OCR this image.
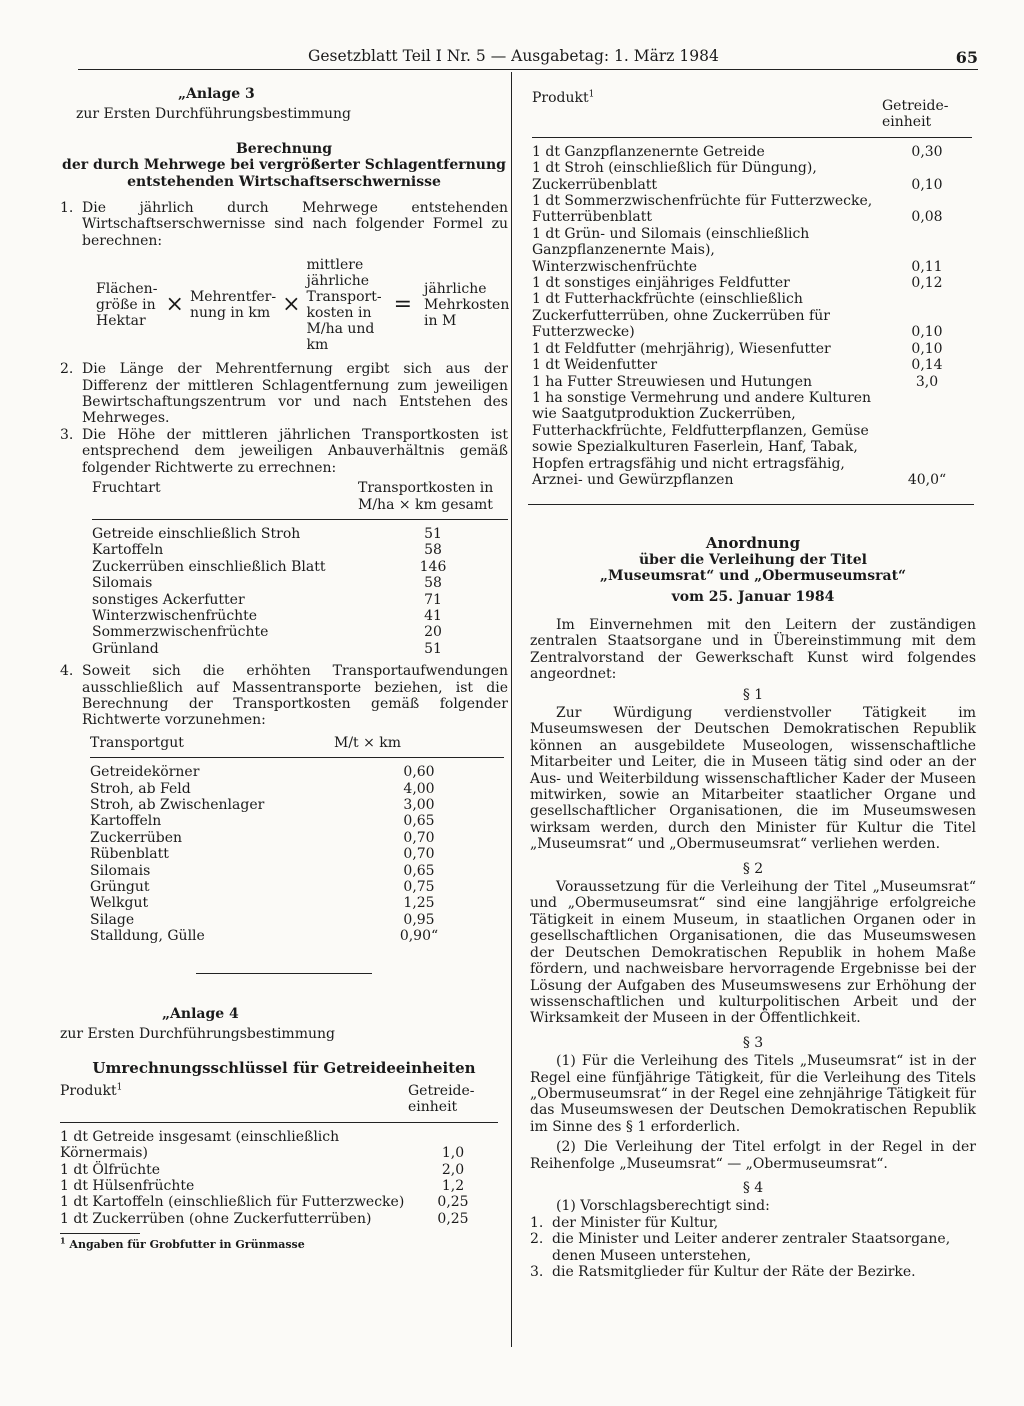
Gesetzblatt Teil I Nr. 5 — Ausgabetag: 1. März 1984	65
„Anlage 3
zur Ersten Durchführungsbestimmung
Berechnung
der durch Mehrwege bei vergrößerter Schlagentfernung
entstehenden Wirtschaftserschwernisse
1. Die jährlich durch Mehrwege entstehenden Wirtschaftserschwernisse sind nach folgender Formel zu berechnen:
Flächen- größe in Hektar
× Mehrentfer- nung in km ×
mittlere jährliche Transport- kosten in M/ha und km
=
jährliche Mehrkosten in M
2. Die Länge der Mehrentfernung ergibt sich aus der Differenz der mittleren Schlagentfernung zum jeweiligen Bewirtschaftungszentrum vor und nach Entstehen des Mehrweges.
3. Die Höhe der mittleren jährlichen Transportkosten ist entsprechend dem jeweiligen Anbauverhältnis gemäß folgender Richtwerte zu errechnen:
Fruchtart	Transportkosten in M/ha × km gesamt
Getreide einschließlich Stroh	51
Kartoffeln	58
Zuckerrüben einschließlich Blatt	146
Silomais	58
sonstiges Ackerfutter	71
Winterzwischenfrüchte	41
Sommerzwischenfrüchte	20
Grünland	51
4. Soweit sich die erhöhten Transportaufwendungen ausschließlich auf Massentransporte beziehen, ist die Berechnung der Transportkosten gemäß folgender Richtwerte vorzunehmen:
Transportgut	M/t × km
Getreidekörner	0,60
Stroh, ab Feld	4,00
Stroh, ab Zwischenlager	3,00
Kartoffeln	0,65
Zuckerrüben	0,70
Rübenblatt	0,70
Silomais	0,65
Grüngut	0,75
Welkgut	1,25
Silage	0,95
Stalldung, Gülle	0,90“
„Anlage 4
zur Ersten Durchführungsbestimmung
Umrechnungsschlüssel für Getreideeinheiten
Produkt$^1$	Getreide- einheit
1 dt Getreide insgesamt (einschließlich Körnermais)	1,0
1 dt Ölfrüchte	2,0
1 dt Hülsenfrüchte	1,2
1 dt Kartoffeln (einschließlich für Futterzwecke)	0,25
1 dt Zuckerrüben (ohne Zuckerfutterrüben)	0,25
$^1$ Angaben für Grobfutter in Grünmasse
Produkt$^1$	Getreide- einheit
1 dt Ganzpflanzenernte Getreide	0,30
1 dt Stroh (einschließlich für Düngung), Zuckerrübenblatt	0,10
1 dt Sommerzwischenfrüchte für Futterzwecke, Futterrübenblatt	0,08
1 dt Grün- und Silomais (einschließlich Ganzpflanzenernte Mais), Winterzwischenfrüchte	0,11
1 dt sonstiges einjähriges Feldfutter	0,12
1 dt Futterhackfrüchte (einschließlich Zuckerfutterrüben, ohne Zuckerrüben für Futterzwecke)	0,10
1 dt Feldfutter (mehrjährig), Wiesenfutter	0,10
1 dt Weidenfutter	0,14
1 ha Futter Streuwiesen und Hutungen	3,0
1 ha sonstige Vermehrung und andere Kulturen wie Saatgutproduktion Zuckerrüben, Futterhackfrüchte, Feldfutterpflanzen, Gemüse sowie Spezialkulturen Faserlein, Hanf, Tabak, Hopfen ertragsfähig und nicht ertragsfähig, Arznei- und Gewürzpflanzen	40,0“
Anordnung
über die Verleihung der Titel
„Museumsrat“ und „Obermuseumsrat“
vom 25. Januar 1984

Im Einvernehmen mit den Leitern der zuständigen zentralen Staatsorgane und in Übereinstimmung mit dem Zentralvorstand der Gewerkschaft Kunst wird folgendes angeordnet:

§ 1

Zur Würdigung verdienstvoller Tätigkeit im Museumswesen der Deutschen Demokratischen Republik können an ausgebildete Museologen, wissenschaftliche Mitarbeiter und Leiter, die in Museen tätig sind oder an der Aus- und Weiterbildung wissenschaftlicher Kader der Museen mitwirken, sowie an Mitarbeiter staatlicher Organe und gesellschaftlicher Organisationen, die im Museumswesen wirksam werden, durch den Minister für Kultur die Titel „Museumsrat“ und „Obermuseumsrat“ verliehen werden.

§ 2

Voraussetzung für die Verleihung der Titel „Museumsrat“ und „Obermuseumsrat“ sind eine langjährige erfolgreiche Tätigkeit in einem Museum, in staatlichen Organen oder in gesellschaftlichen Organisationen, die das Museumswesen der Deutschen Demokratischen Republik in hohem Maße fördern, und nachweisbare hervorragende Ergebnisse bei der Lösung der Aufgaben des Museumswesens zur Erhöhung der wissenschaftlichen und kulturpolitischen Arbeit und der Wirksamkeit der Museen in der Öffentlichkeit.

§ 3

(1) Für die Verleihung des Titels „Museumsrat“ ist in der Regel eine fünfjährige Tätigkeit, für die Verleihung des Titels „Obermuseumsrat“ in der Regel eine zehnjährige Tätigkeit für das Museumswesen der Deutschen Demokratischen Republik im Sinne des § 1 erforderlich.

(2) Die Verleihung der Titel erfolgt in der Regel in der Reihenfolge „Museumsrat“ — „Obermuseumsrat“.

§ 4

(1) Vorschlagsberechtigt sind:

1. der Minister für Kultur,
2. die Minister und Leiter anderer zentraler Staatsorgane, denen Museen unterstehen,
3. die Ratsmitglieder für Kultur der Räte der Bezirke.
